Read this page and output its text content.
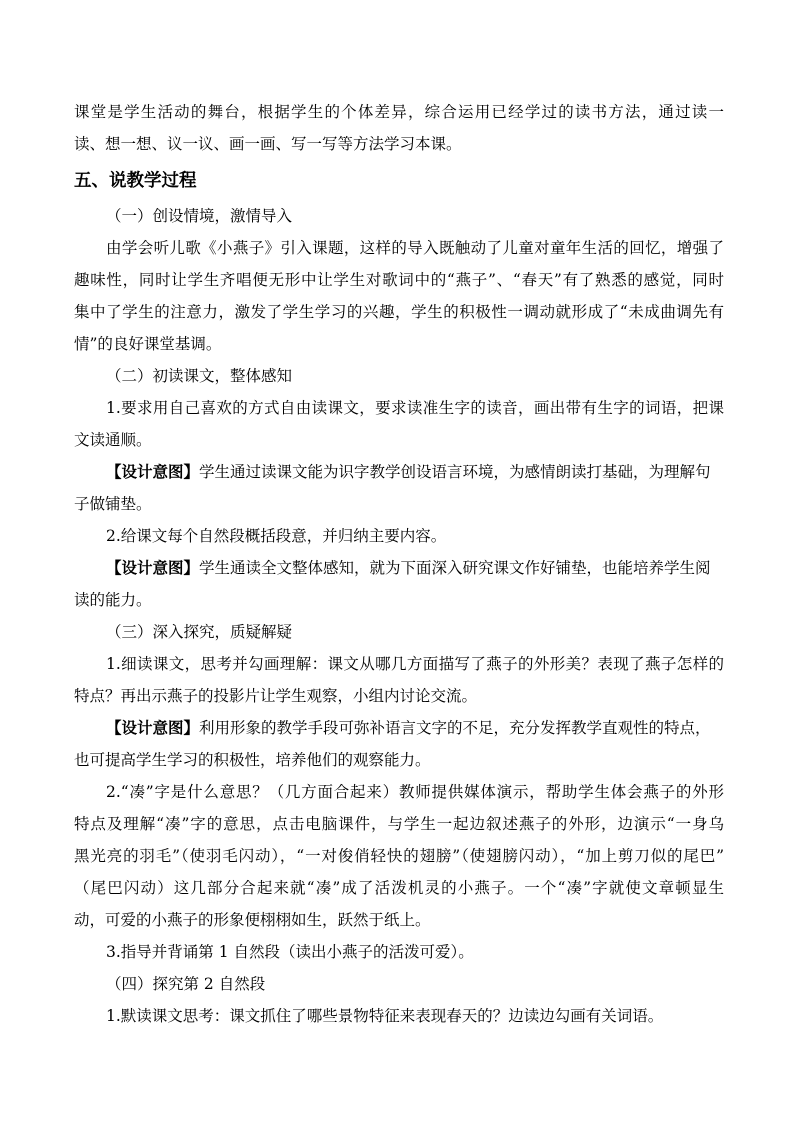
课堂是学生活动的舞台，根据学生的个体差异，综合运用已经学过的读书方法，通过读一
读、想一想、议一议、画一画、写一写等方法学习本课。
五、说教学过程
（一）创设情境，激情导入
由学会听儿歌《小燕子》引入课题，这样的导入既触动了儿童对童年生活的回忆，增强了
趣味性，同时让学生齐唱便无形中让学生对歌词中的“燕子”、“春天”有了熟悉的感觉，同时
集中了学生的注意力，激发了学生学习的兴趣，学生的积极性一调动就形成了“未成曲调先有
情”的良好课堂基调。
（二）初读课文，整体感知
1.要求用自己喜欢的方式自由读课文，要求读准生字的读音，画出带有生字的词语，把课
文读通顺。
【设计意图】学生通过读课文能为识字教学创设语言环境，为感情朗读打基础，为理解句
子做铺垫。
2.给课文每个自然段概括段意，并归纳主要内容。
【设计意图】学生通读全文整体感知，就为下面深入研究课文作好铺垫，也能培养学生阅
读的能力。
（三）深入探究，质疑解疑
1.细读课文，思考并勾画理解：课文从哪几方面描写了燕子的外形美？表现了燕子怎样的
特点？再出示燕子的投影片让学生观察，小组内讨论交流。
【设计意图】利用形象的教学手段可弥补语言文字的不足，充分发挥教学直观性的特点，
也可提高学生学习的积极性，培养他们的观察能力。
2.“凑”字是什么意思？（几方面合起来）教师提供媒体演示，帮助学生体会燕子的外形
特点及理解“凑”字的意思，点击电脑课件，与学生一起边叙述燕子的外形，边演示“一身乌
黑光亮的羽毛”（使羽毛闪动），“一对俊俏轻快的翅膀”（使翅膀闪动），“加上剪刀似的尾巴”
（尾巴闪动）这几部分合起来就“凑”成了活泼机灵的小燕子。一个“凑”字就使文章顿显生
动，可爱的小燕子的形象便栩栩如生，跃然于纸上。
3.指导并背诵第 1 自然段（读出小燕子的活泼可爱）。
（四）探究第 2 自然段
1.默读课文思考：课文抓住了哪些景物特征来表现春天的？边读边勾画有关词语。
